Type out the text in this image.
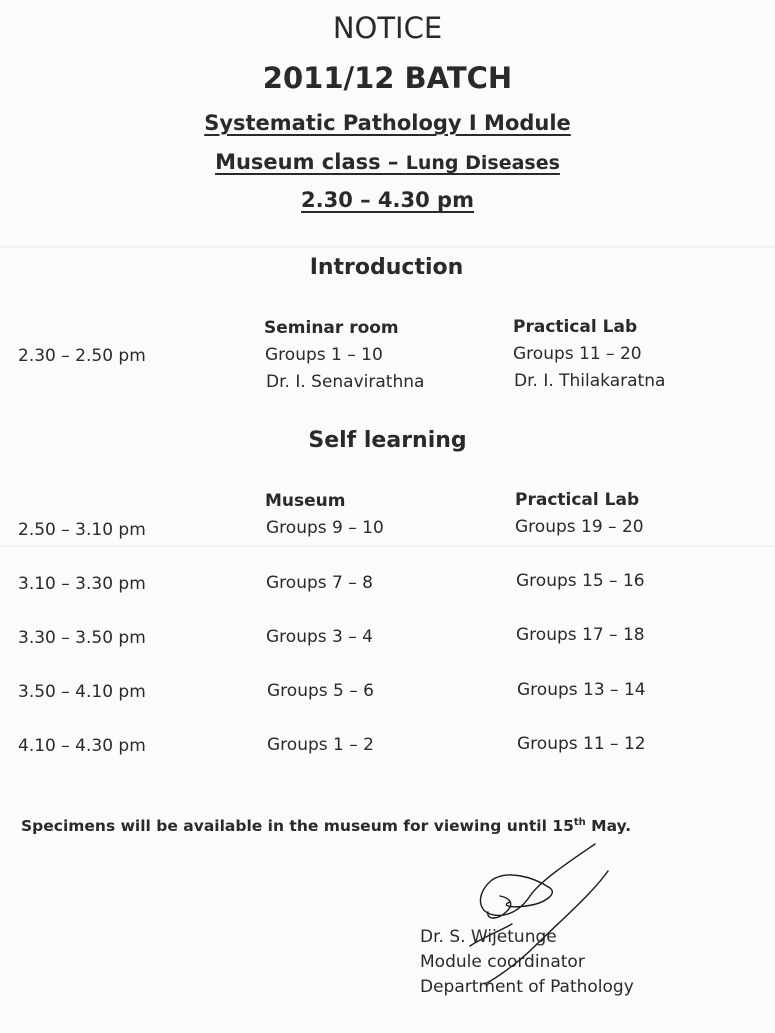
NOTICE
2011/12 BATCH
Systematic Pathology I Module
Museum class – Lung Diseases
2.30 – 4.30 pm
Introduction
Seminar room	Practical Lab
2.30 – 2.50 pm	Groups 1 – 10	Groups 11 – 20
Dr. I. Senavirathna	Dr. I. Thilakaratna
Self learning
Museum	Practical Lab
2.50 – 3.10 pm	Groups 9 – 10	Groups 19 – 20
3.10 – 3.30 pm	Groups 7 – 8	Groups 15 – 16
3.30 – 3.50 pm	Groups 3 – 4	Groups 17 – 18
3.50 – 4.10 pm	Groups 5 – 6	Groups 13 – 14
4.10 – 4.30 pm	Groups 1 – 2	Groups 11 – 12
Specimens will be available in the museum for viewing until 15th May.
Dr. S. Wijetunge
Module coordinator
Department of Pathology
